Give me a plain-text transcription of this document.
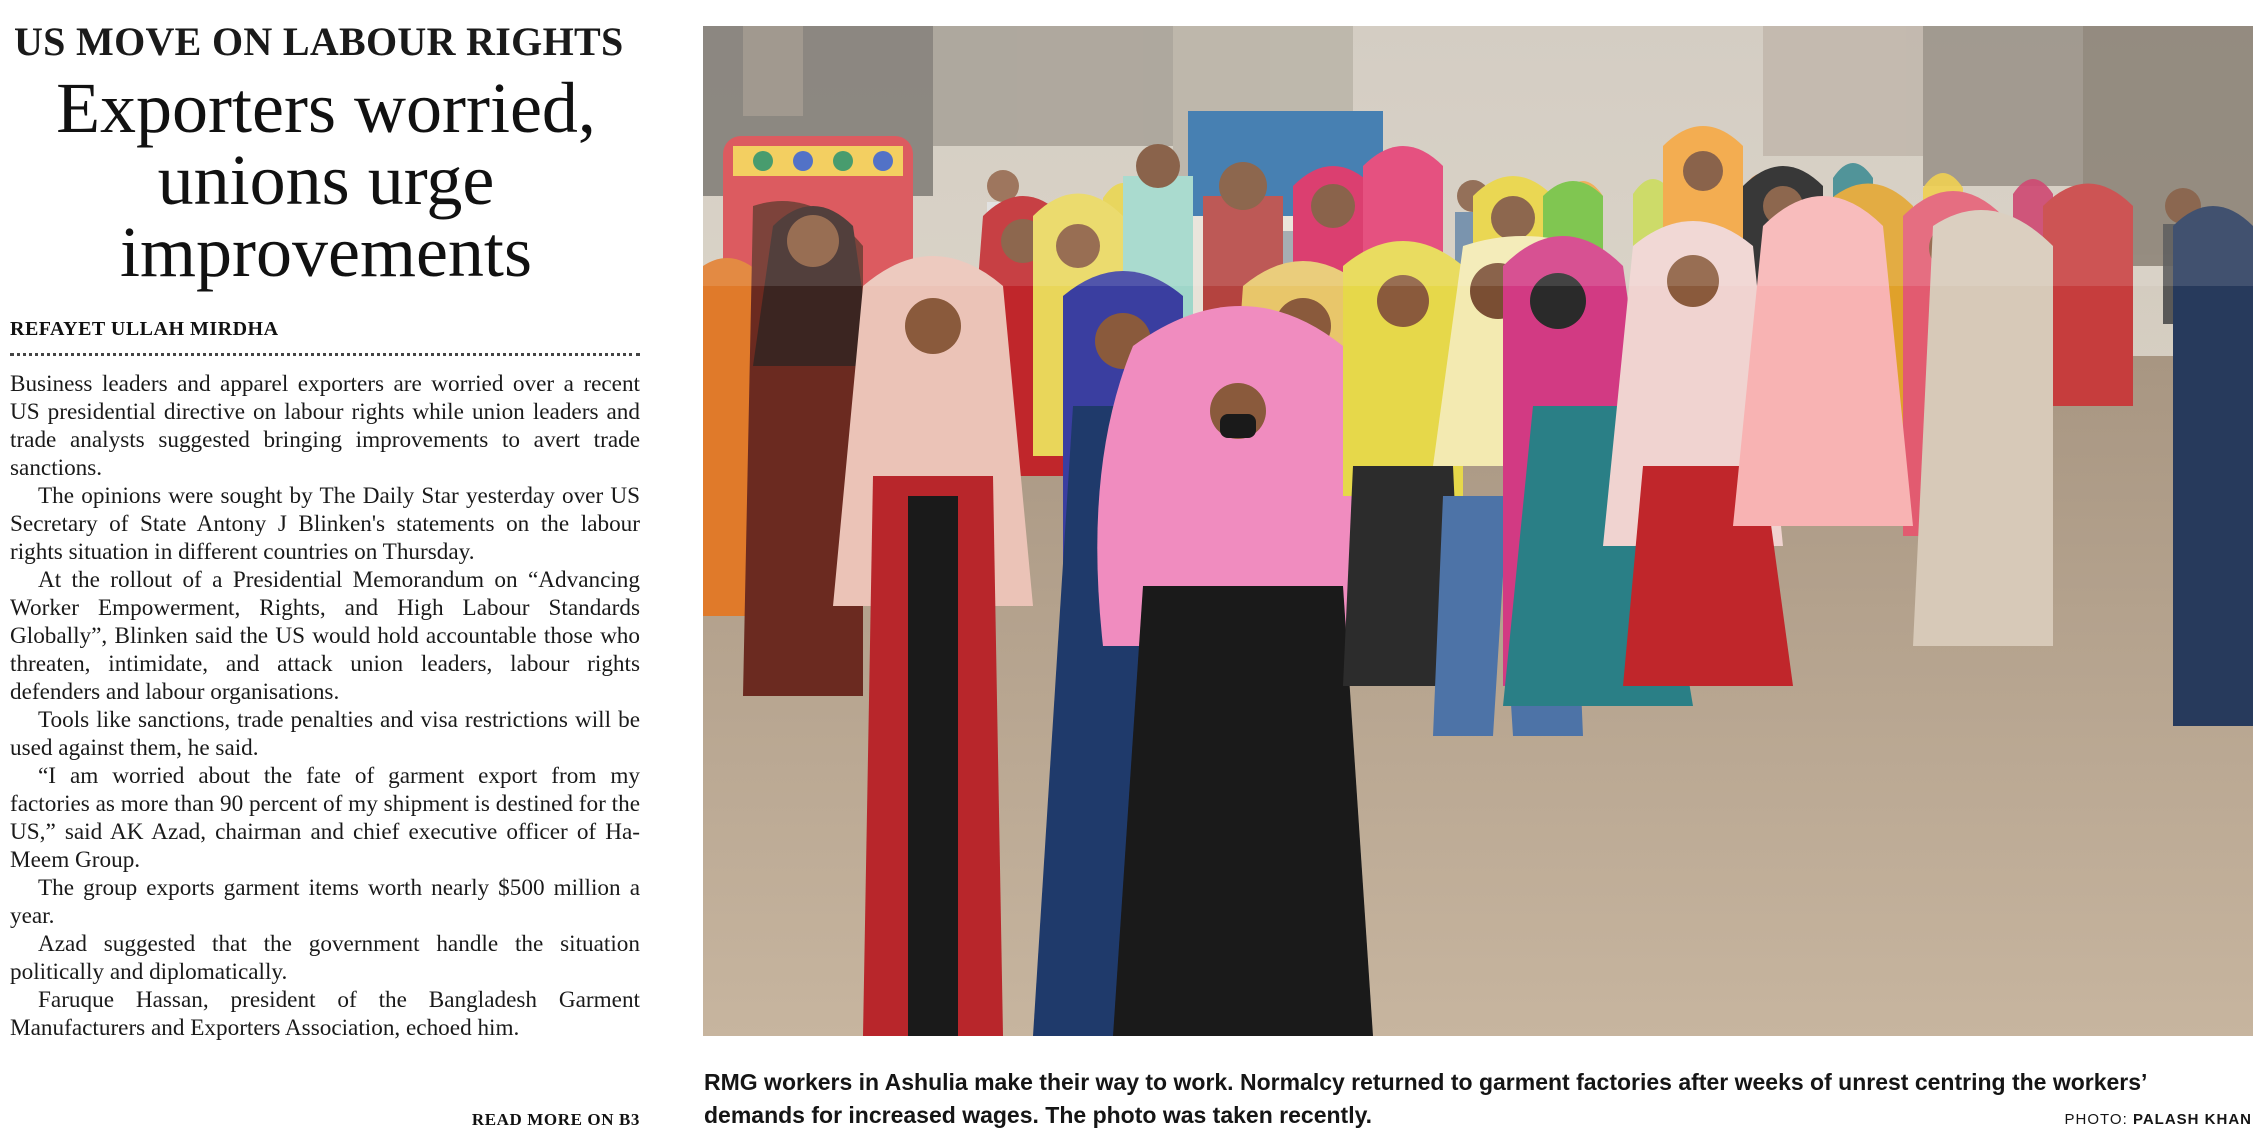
US MOVE ON LABOUR RIGHTS
Exporters worried,
unions urge
improvements
REFAYET ULLAH MIRDHA

Business leaders and apparel exporters are worried over a recent US presidential directive on labour rights while union leaders and trade analysts suggested bringing improvements to avert trade sanctions.

The opinions were sought by The Daily Star yesterday over US Secretary of State Antony J Blinken's statements on the labour rights situation in different countries on Thursday.

At the rollout of a Presidential Memorandum on “Advancing Worker Empowerment, Rights, and High Labour Standards Globally”, Blinken said the US would hold accountable those who threaten, intimidate, and attack union leaders, labour rights defenders and labour organisations.

Tools like sanctions, trade penalties and visa restrictions will be used against them, he said.

“I am worried about the fate of garment export from my factories as more than 90 percent of my shipment is destined for the US,” said AK Azad, chairman and chief executive officer of Ha-Meem Group.

The group exports garment items worth nearly $500 million a year.

Azad suggested that the government handle the situation politically and diplomatically.

Faruque Hassan, president of the Bangladesh Garment Manufacturers and Exporters Association, echoed him.

READ MORE ON B3
RMG workers in Ashulia make their way to work. Normalcy returned to garment factories after weeks of unrest centring the workers’ demands for increased wages. The photo was taken recently.	PHOTO: PALASH KHAN
